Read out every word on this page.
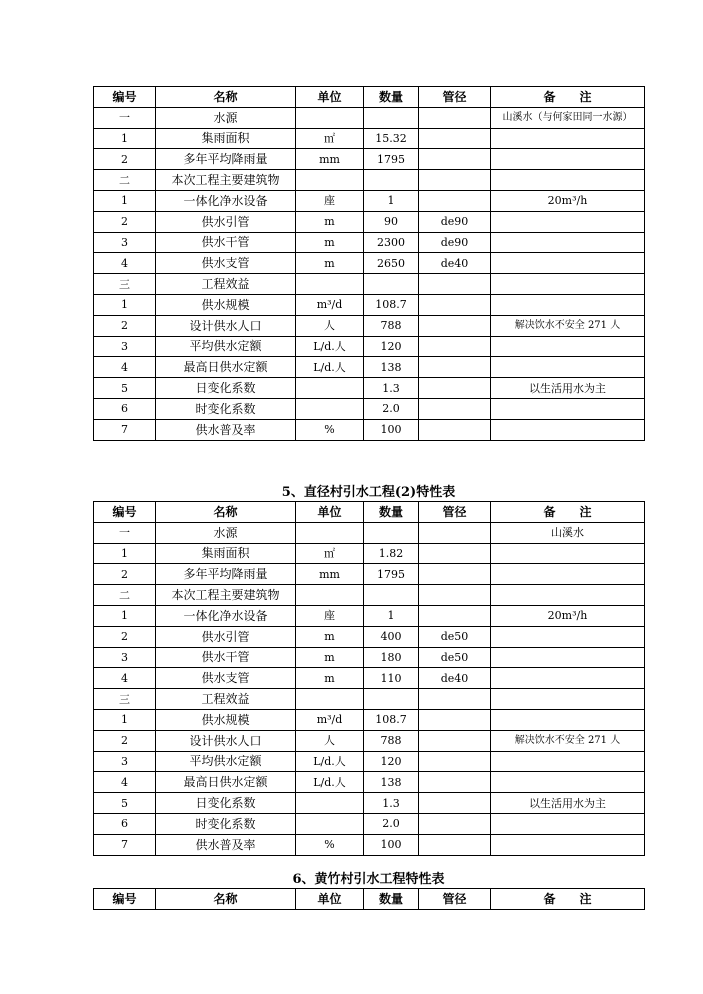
编号	名称	单位	数量	管径	备　　注
一	水源				山溪水（与何家田同一水源）
1	集雨面积	㎡	15.32		
2	多年平均降雨量	mm	1795		
二	本次工程主要建筑物				
1	一体化净水设备	座	1		20m³/h
2	供水引管	m	90	de90	
3	供水干管	m	2300	de90	
4	供水支管	m	2650	de40	
三	工程效益				
1	供水规模	m³/d	108.7		
2	设计供水人口	人	788		解决饮水不安全 271 人
3	平均供水定额	L/d.人	120		
4	最高日供水定额	L/d.人	138		
5	日变化系数		1.3		以生活用水为主
6	时变化系数		2.0		
7	供水普及率	%	100		
5、直径村引水工程(2)特性表
编号	名称	单位	数量	管径	备　　注
一	水源				山溪水
1	集雨面积	㎡	1.82		
2	多年平均降雨量	mm	1795		
二	本次工程主要建筑物				
1	一体化净水设备	座	1		20m³/h
2	供水引管	m	400	de50	
3	供水干管	m	180	de50	
4	供水支管	m	110	de40	
三	工程效益				
1	供水规模	m³/d	108.7		
2	设计供水人口	人	788		解决饮水不安全 271 人
3	平均供水定额	L/d.人	120		
4	最高日供水定额	L/d.人	138		
5	日变化系数		1.3		以生活用水为主
6	时变化系数		2.0		
7	供水普及率	%	100		
6、黄竹村引水工程特性表
编号	名称	单位	数量	管径	备　　注
